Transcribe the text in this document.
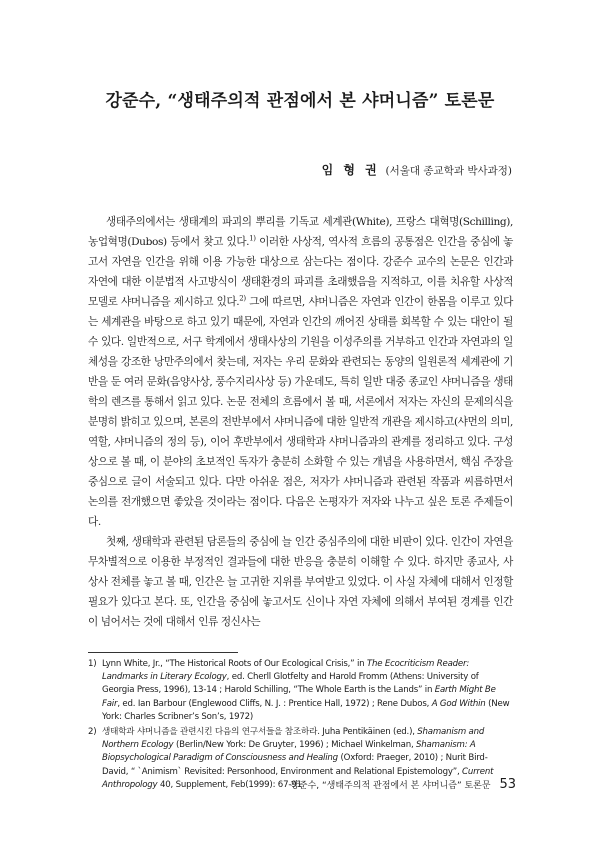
강준수, “생태주의적 관점에서 본 샤머니즘” 토론문
임 형 권 (서울대 종교학과 박사과정)

생태주의에서는 생태계의 파괴의 뿌리를 기독교 세계관(White), 프랑스 대혁명(Schilling), 농업혁명(Dubos) 등에서 찾고 있다.$^{1)}$ 이러한 사상적, 역사적 흐름의 공통점은 인간을 중심에 놓고서 자연을 인간을 위해 이용 가능한 대상으로 삼는다는 점이다. 강준수 교수의 논문은 인간과 자연에 대한 이분법적 사고방식이 생태환경의 파괴를 초래했음을 지적하고, 이를 치유할 사상적 모델로 샤머니즘을 제시하고 있다.$^{2)}$ 그에 따르면, 샤머니즘은 자연과 인간이 한몸을 이루고 있다는 세계관을 바탕으로 하고 있기 때문에, 자연과 인간의 깨어진 상태를 회복할 수 있는 대안이 될 수 있다. 일반적으로, 서구 학계에서 생태사상의 기원을 이성주의를 거부하고 인간과 자연과의 일체성을 강조한 낭만주의에서 찾는데, 저자는 우리 문화와 관련되는 동양의 일원론적 세계관에 기반을 둔 여러 문화(음양사상, 풍수지리사상 등) 가운데도, 특히 일반 대중 종교인 샤머니즘을 생태학의 렌즈를 통해서 읽고 있다. 논문 전체의 흐름에서 볼 때, 서론에서 저자는 자신의 문제의식을 분명히 밝히고 있으며, 본론의 전반부에서 샤머니즘에 대한 일반적 개관을 제시하고(샤먼의 의미, 역할, 샤머니즘의 정의 등), 이어 후반부에서 생태학과 샤머니즘과의 관계를 정리하고 있다. 구성상으로 볼 때, 이 분야의 초보적인 독자가 충분히 소화할 수 있는 개념을 사용하면서, 핵심 주장을 중심으로 글이 서술되고 있다. 다만 아쉬운 점은, 저자가 샤머니즘과 관련된 작품과 씨름하면서 논의를 전개했으면 좋았을 것이라는 점이다. 다음은 논평자가 저자와 나누고 싶은 토론 주제들이다.

첫째, 생태학과 관련된 담론들의 중심에 늘 인간 중심주의에 대한 비판이 있다. 인간이 자연을 무차별적으로 이용한 부정적인 결과들에 대한 반응을 충분히 이해할 수 있다. 하지만 종교사, 사상사 전체를 놓고 볼 때, 인간은 늘 고귀한 지위를 부여받고 있었다. 이 사실 자체에 대해서 인정할 필요가 있다고 본다. 또, 인간을 중심에 놓고서도 신이나 자연 자체에 의해서 부여된 경계를 인간이 넘어서는 것에 대해서 인류 정신사는

1) Lynn White, Jr., “The Historical Roots of Our Ecological Crisis,” in The Ecocriticism Reader: Landmarks in Literary Ecology, ed. Cherll Glotfelty and Harold Fromm (Athens: University of Georgia Press, 1996), 13-14 ; Harold Schilling, “The Whole Earth is the Lands” in Earth Might Be Fair, ed. Ian Barbour (Englewood Cliffs, N. J. : Prentice Hall, 1972) ; Rene Dubos, A God Within (New York: Charles Scribner’s Son’s, 1972)
2) 생태학과 샤머니즘을 관련시킨 다음의 연구서들을 참조하라. Juha Pentikäinen (ed.), Shamanism and Northern Ecology (Berlin/New York: De Gruyter, 1996) ; Michael Winkelman, Shamanism: A Biopsychological Paradigm of Consciousness and Healing (Oxford: Praeger, 2010) ; Nurit Bird-David, “ `Animism` Revisited: Personhood, Environment and Relational Epistemology”, Current Anthropology 40, Supplement, Feb(1999): 67-91.
강준수, “생태주의적 관점에서 본 샤머니즘” 토론문 53
